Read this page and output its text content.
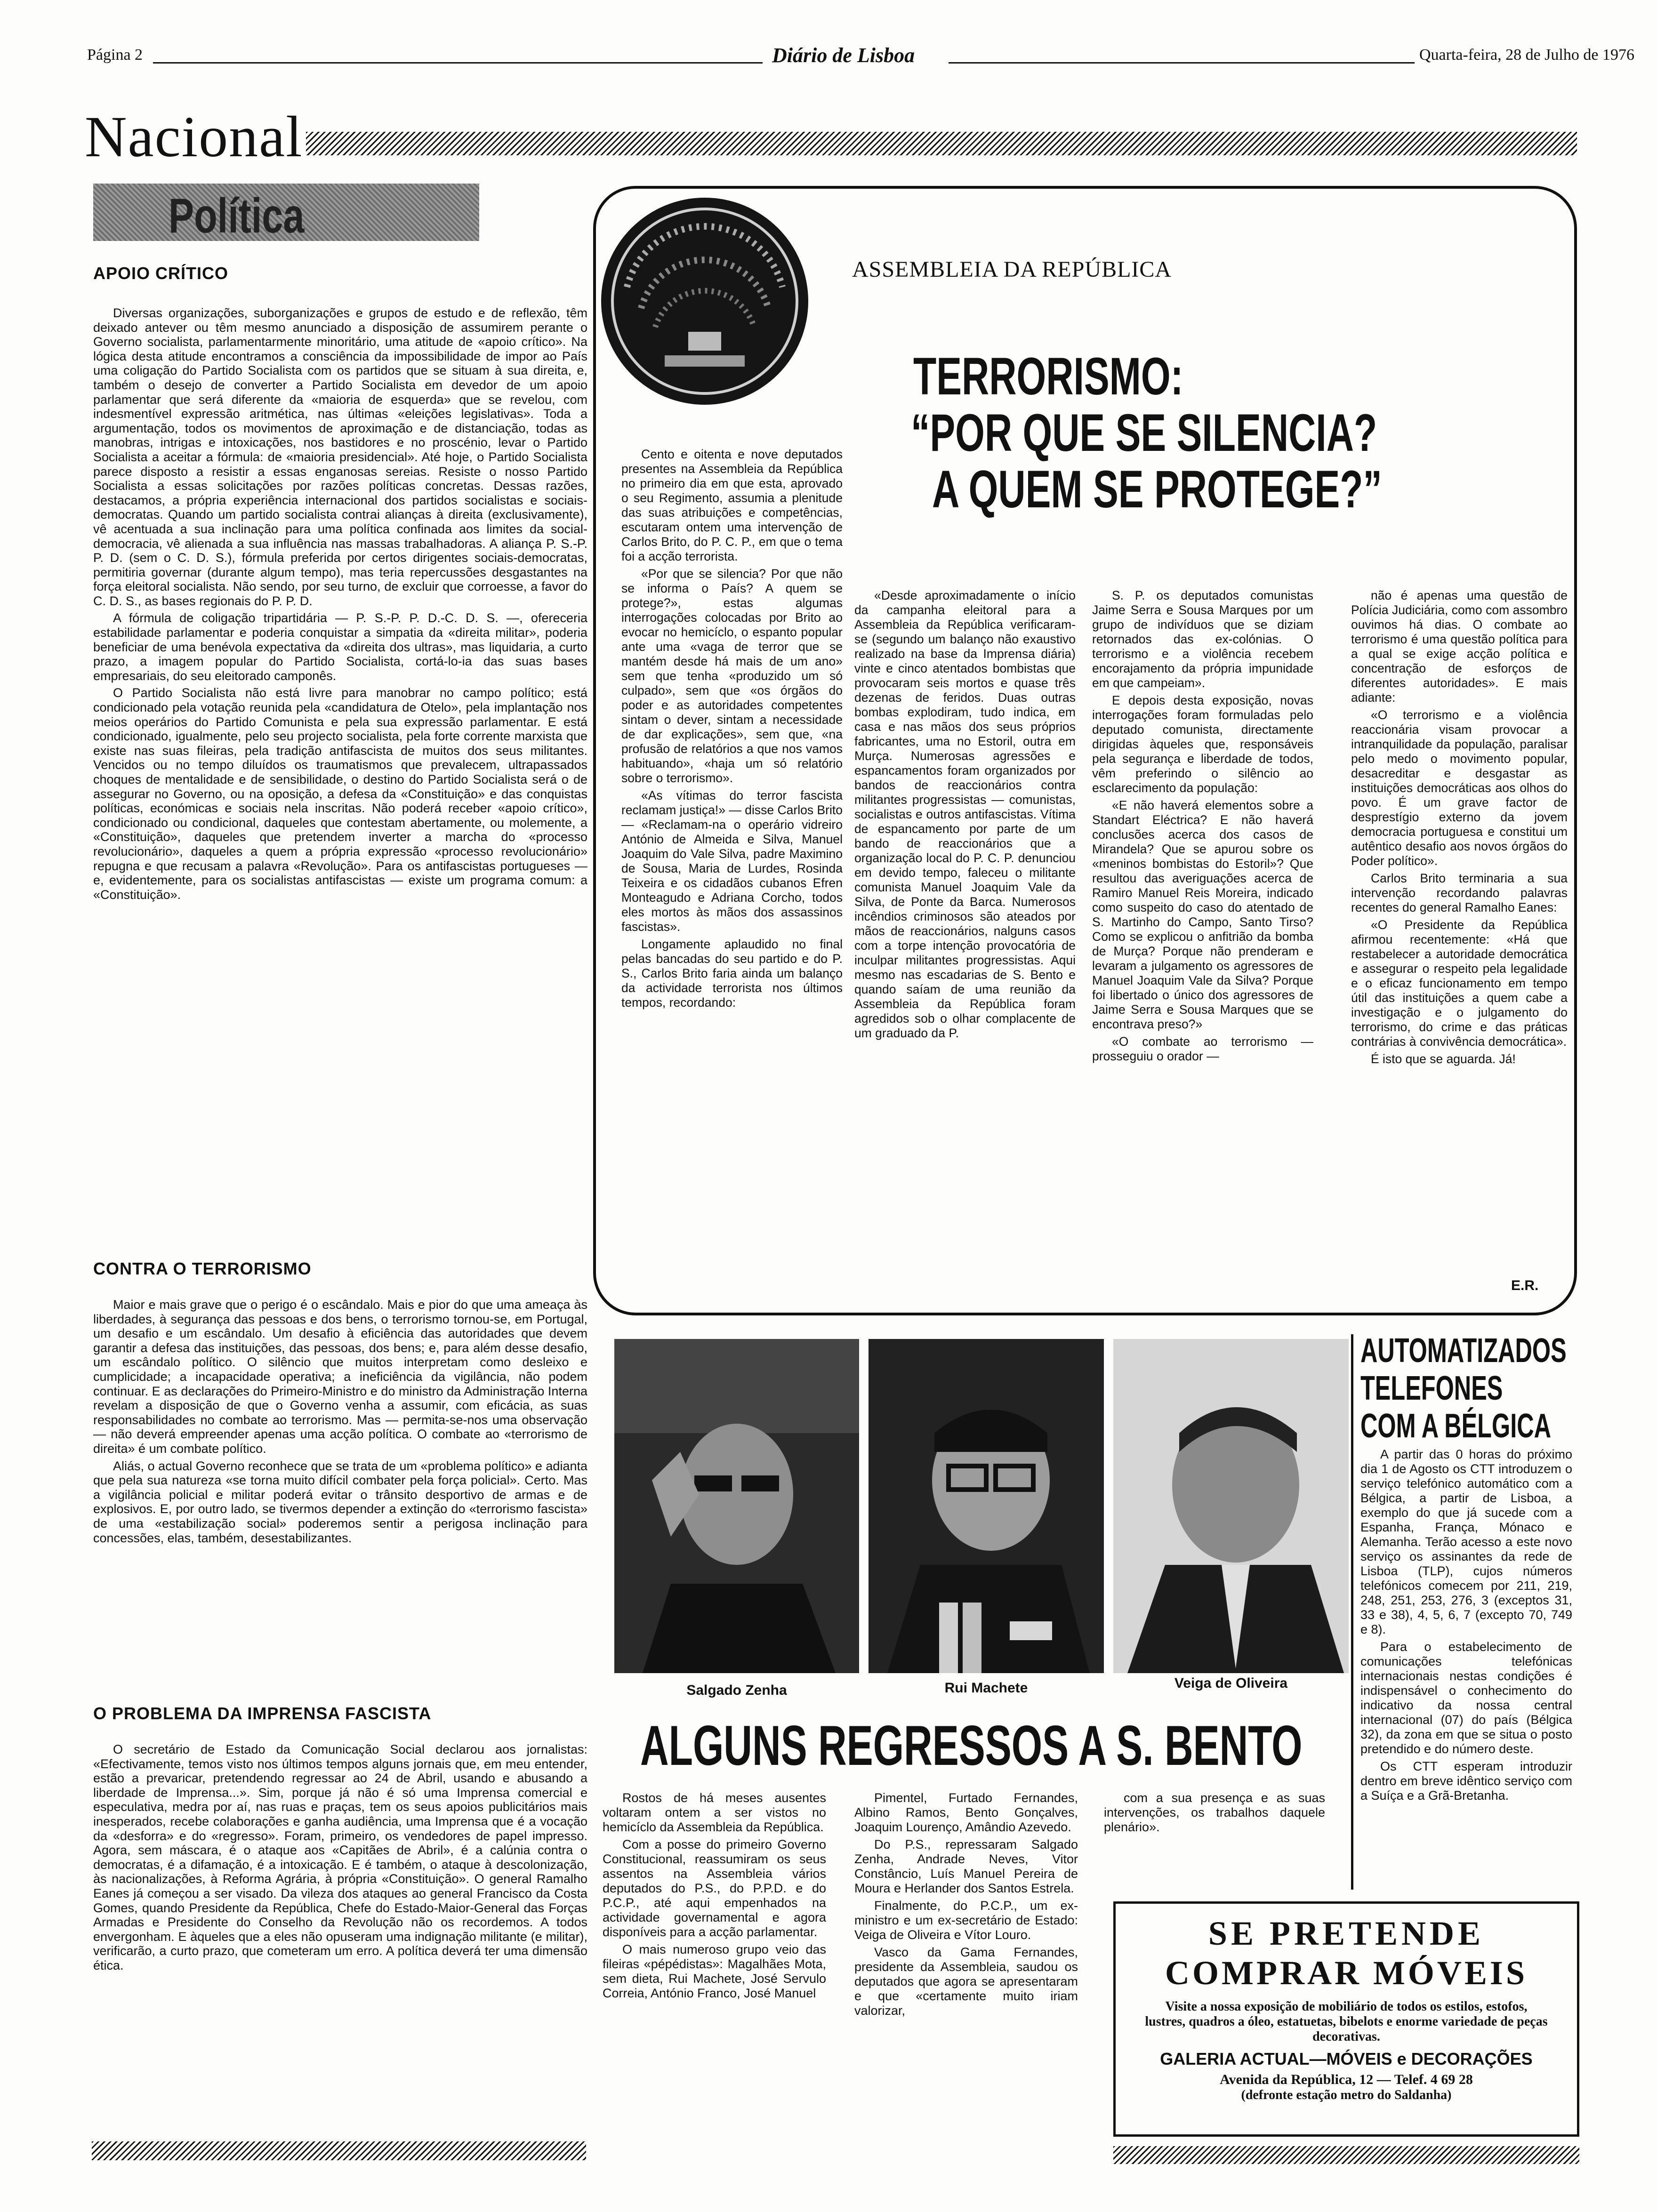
Página 2	Diário de Lisboa	Quarta-feira, 28 de Julho de 1976
Nacional
Política
APOIO CRÍTICO

Diversas organizações, suborganizações e grupos de estudo e de reflexão, têm deixado antever ou têm mesmo anunciado a disposição de assumirem perante o Governo socialista, parlamentarmente minoritário, uma atitude de «apoio crítico». Na lógica desta atitude encontramos a consciência da impossibilidade de impor ao País uma coligação do Partido Socialista com os partidos que se situam à sua direita, e, também o desejo de converter a Partido Socialista em devedor de um apoio parlamentar que será diferente da «maioria de esquerda» que se revelou, com indesmentível expressão aritmética, nas últimas «eleições legislativas». Toda a argumentação, todos os movimentos de aproximação e de distanciação, todas as manobras, intrigas e intoxicações, nos bastidores e no proscénio, levar o Partido Socialista a aceitar a fórmula: de «maioria presidencial». Até hoje, o Partido Socialista parece disposto a resistir a essas enganosas sereias. Resiste o nosso Partido Socialista a essas solicitações por razões políticas concretas. Dessas razões, destacamos, a própria experiência internacional dos partidos socialistas e sociais-democratas. Quando um partido socialista contrai alianças à direita (exclusivamente), vê acentuada a sua inclinação para uma política confinada aos limites da social-democracia, vê alienada a sua influência nas massas trabalhadoras. A aliança P. S.-P. P. D. (sem o C. D. S.), fórmula preferida por certos dirigentes sociais-democratas, permitiria governar (durante algum tempo), mas teria repercussões desgastantes na força eleitoral socialista. Não sendo, por seu turno, de excluir que corroesse, a favor do C. D. S., as bases regionais do P. P. D.

A fórmula de coligação tripartidária — P. S.-P. P. D.-C. D. S. —, ofereceria estabilidade parlamentar e poderia conquistar a simpatia da «direita militar», poderia beneficiar de uma benévola expectativa da «direita dos ultras», mas liquidaria, a curto prazo, a imagem popular do Partido Socialista, cortá-lo-ia das suas bases empresariais, do seu eleitorado camponês.

O Partido Socialista não está livre para manobrar no campo político; está condicionado pela votação reunida pela «candidatura de Otelo», pela implantação nos meios operários do Partido Comunista e pela sua expressão parlamentar. E está condicionado, igualmente, pelo seu projecto socialista, pela forte corrente marxista que existe nas suas fileiras, pela tradição antifascista de muitos dos seus militantes. Vencidos ou no tempo diluídos os traumatismos que prevalecem, ultrapassados choques de mentalidade e de sensibilidade, o destino do Partido Socialista será o de assegurar no Governo, ou na oposição, a defesa da «Constituição» e das conquistas políticas, económicas e sociais nela inscritas. Não poderá receber «apoio crítico», condicionado ou condicional, daqueles que contestam abertamente, ou molemente, a «Constituição», daqueles que pretendem inverter a marcha do «processo revolucionário», daqueles a quem a própria expressão «processo revolucionário» repugna e que recusam a palavra «Revolução». Para os antifascistas portugueses — e, evidentemente, para os socialistas antifascistas — existe um programa comum: a «Constituição».

CONTRA O TERRORISMO

Maior e mais grave que o perigo é o escândalo. Mais e pior do que uma ameaça às liberdades, à segurança das pessoas e dos bens, o terrorismo tornou-se, em Portugal, um desafio e um escândalo. Um desafio à eficiência das autoridades que devem garantir a defesa das instituições, das pessoas, dos bens; e, para além desse desafio, um escândalo político. O silêncio que muitos interpretam como desleixo e cumplicidade; a incapacidade operativa; a ineficiência da vigilância, não podem continuar. E as declarações do Primeiro-Ministro e do ministro da Administração Interna revelam a disposição de que o Governo venha a assumir, com eficácia, as suas responsabilidades no combate ao terrorismo. Mas — permita-se-nos uma observação — não deverá empreender apenas uma acção política. O combate ao «terrorismo de direita» é um combate político.

Aliás, o actual Governo reconhece que se trata de um «problema político» e adianta que pela sua natureza «se torna muito difícil combater pela força policial». Certo. Mas a vigilância policial e militar poderá evitar o trânsito desportivo de armas e de explosivos. E, por outro lado, se tivermos depender a extinção do «terrorismo fascista» de uma «estabilização social» poderemos sentir a perigosa inclinação para concessões, elas, também, desestabilizantes.

O PROBLEMA DA IMPRENSA FASCISTA

O secretário de Estado da Comunicação Social declarou aos jornalistas: «Efectivamente, temos visto nos últimos tempos alguns jornais que, em meu entender, estão a prevaricar, pretendendo regressar ao 24 de Abril, usando e abusando a liberdade de Imprensa...». Sim, porque já não é só uma Imprensa comercial e especulativa, medra por aí, nas ruas e praças, tem os seus apoios publicitários mais inesperados, recebe colaborações e ganha audiência, uma Imprensa que é a vocação da «desforra» e do «regresso». Foram, primeiro, os vendedores de papel impresso. Agora, sem máscara, é o ataque aos «Capitães de Abril», é a calúnia contra o democratas, é a difamação, é a intoxicação. E é também, o ataque à descolonização, às nacionalizações, à Reforma Agrária, à própria «Constituição». O general Ramalho Eanes já começou a ser visado. Da vileza dos ataques ao general Francisco da Costa Gomes, quando Presidente da República, Chefe do Estado-Maior-General das Forças Armadas e Presidente do Conselho da Revolução não os recordemos. A todos envergonham. E àqueles que a eles não opuseram uma indignação militante (e militar), verificarão, a curto prazo, que cometeram um erro. A política deverá ter uma dimensão ética.

ASSEMBLEIA DA REPÚBLICA
TERRORISMO:
“POR QUE SE SILENCIA?
A QUEM SE PROTEGE?”

Cento e oitenta e nove deputados presentes na Assembleia da República no primeiro dia em que esta, aprovado o seu Regimento, assumia a plenitude das suas atribuições e competências, escutaram ontem uma intervenção de Carlos Brito, do P. C. P., em que o tema foi a acção terrorista.

«Por que se silencia? Por que não se informa o País? A quem se protege?», estas algumas interrogações colocadas por Brito ao evocar no hemicíclo, o espanto popular ante uma «vaga de terror que se mantém desde há mais de um ano» sem que tenha «produzido um só culpado», sem que «os órgãos do poder e as autoridades competentes sintam o dever, sintam a necessidade de dar explicações», sem que, «na profusão de relatórios a que nos vamos habituando», «haja um só relatório sobre o terrorismo».

«As vítimas do terror fascista reclamam justiça!» — disse Carlos Brito — «Reclamam-na o operário vidreiro António de Almeida e Silva, Manuel Joaquim do Vale Silva, padre Maximino de Sousa, Maria de Lurdes, Rosinda Teixeira e os cidadãos cubanos Efren Monteagudo e Adriana Corcho, todos eles mortos às mãos dos assassinos fascistas».

Longamente aplaudido no final pelas bancadas do seu partido e do P. S., Carlos Brito faria ainda um balanço da actividade terrorista nos últimos tempos, recordando:

«Desde aproximadamente o início da campanha eleitoral para a Assembleia da República verificaram-se (segundo um balanço não exaustivo realizado na base da Imprensa diária) vinte e cinco atentados bombistas que provocaram seis mortos e quase três dezenas de feridos. Duas outras bombas explodiram, tudo indica, em casa e nas mãos dos seus próprios fabricantes, uma no Estoril, outra em Murça. Numerosas agressões e espancamentos foram organizados por bandos de reaccionários contra militantes progressistas — comunistas, socialistas e outros antifascistas. Vítima de espancamento por parte de um bando de reaccionários que a organização local do P. C. P. denunciou em devido tempo, faleceu o militante comunista Manuel Joaquim Vale da Silva, de Ponte da Barca. Numerosos incêndios criminosos são ateados por mãos de reaccionários, nalguns casos com a torpe intenção provocatória de inculpar militantes progressistas. Aqui mesmo nas escadarias de S. Bento e quando saíam de uma reunião da Assembleia da República foram agredidos sob o olhar complacente de um graduado da P.

S. P. os deputados comunistas Jaime Serra e Sousa Marques por um grupo de indivíduos que se diziam retornados das ex-colónias. O terrorismo e a violência recebem encorajamento da própria impunidade em que campeiam».

E depois desta exposição, novas interrogações foram formuladas pelo deputado comunista, directamente dirigidas àqueles que, responsáveis pela segurança e liberdade de todos, vêm preferindo o silêncio ao esclarecimento da população:

«E não haverá elementos sobre a Standart Eléctrica? E não haverá conclusões acerca dos casos de Mirandela? Que se apurou sobre os «meninos bombistas do Estoril»? Que resultou das averiguações acerca de Ramiro Manuel Reis Moreira, indicado como suspeito do caso do atentado de S. Martinho do Campo, Santo Tirso? Como se explicou o anfitrião da bomba de Murça? Porque não prenderam e levaram a julgamento os agressores de Manuel Joaquim Vale da Silva? Porque foi libertado o único dos agressores de Jaime Serra e Sousa Marques que se encontrava preso?»

«O combate ao terrorismo — prosseguiu o orador —

não é apenas uma questão de Polícia Judiciária, como com assombro ouvimos há dias. O combate ao terrorismo é uma questão política para a qual se exige acção política e concentração de esforços de diferentes autoridades». E mais adiante:

«O terrorismo e a violência reaccionária visam provocar a intranquilidade da população, paralisar pelo medo o movimento popular, desacreditar e desgastar as instituições democráticas aos olhos do povo. É um grave factor de desprestígio externo da jovem democracia portuguesa e constitui um autêntico desafio aos novos órgãos do Poder político».

Carlos Brito terminaria a sua intervenção recordando palavras recentes do general Ramalho Eanes:

«O Presidente da República afirmou recentemente: «Há que restabelecer a autoridade democrática e assegurar o respeito pela legalidade e o eficaz funcionamento em tempo útil das instituições a quem cabe a investigação e o julgamento do terrorismo, do crime e das práticas contrárias à convivência democrática».

É isto que se aguarda. Já!

E.R.
Salgado Zenha	Rui Machete	Veiga de Oliveira
AUTOMATIZADOS
TELEFONES
COM A BÉLGICA

A partir das 0 horas do próximo dia 1 de Agosto os CTT introduzem o serviço telefónico automático com a Bélgica, a partir de Lisboa, a exemplo do que já sucede com a Espanha, França, Mónaco e Alemanha. Terão acesso a este novo serviço os assinantes da rede de Lisboa (TLP), cujos números telefónicos comecem por 211, 219, 248, 251, 253, 276, 3 (exceptos 31, 33 e 38), 4, 5, 6, 7 (excepto 70, 749 e 8).

Para o estabelecimento de comunicações telefónicas internacionais nestas condições é indispensável o conhecimento do indicativo da nossa central internacional (07) do país (Bélgica 32), da zona em que se situa o posto pretendido e do número deste.

Os CTT esperam introduzir dentro em breve idêntico serviço com a Suíça e a Grã-Bretanha.

ALGUNS REGRESSOS A S. BENTO

Rostos de há meses ausentes voltaram ontem a ser vistos no hemicíclo da Assembleia da República.

Com a posse do primeiro Governo Constitucional, reassumiram os seus assentos na Assembleia vários deputados do P.S., do P.P.D. e do P.C.P., até aqui empenhados na actividade governamental e agora disponíveis para a acção parlamentar.

O mais numeroso grupo veio das fileiras «pépédistas»: Magalhães Mota, sem dieta, Rui Machete, José Servulo Correia, António Franco, José Manuel

Pimentel, Furtado Fernandes, Albino Ramos, Bento Gonçalves, Joaquim Lourenço, Amândio Azevedo.

Do P.S., repressaram Salgado Zenha, Andrade Neves, Vitor Constâncio, Luís Manuel Pereira de Moura e Herlander dos Santos Estrela.

Finalmente, do P.C.P., um ex-ministro e um ex-secretário de Estado: Veiga de Oliveira e Vítor Louro.

Vasco da Gama Fernandes, presidente da Assembleia, saudou os deputados que agora se apresentaram e que «certamente muito iriam valorizar,

com a sua presença e as suas intervenções, os trabalhos daquele plenário».

SE PRETENDE
COMPRAR MÓVEIS
Visite a nossa exposição de mobiliário de todos os estilos, estofos, lustres, quadros a óleo, estatuetas, bibelots e enorme variedade de peças decorativas.
GALERIA ACTUAL—MÓVEIS e DECORAÇÕES
Avenida da República, 12 — Telef. 4 69 28
(defronte estação metro do Saldanha)
